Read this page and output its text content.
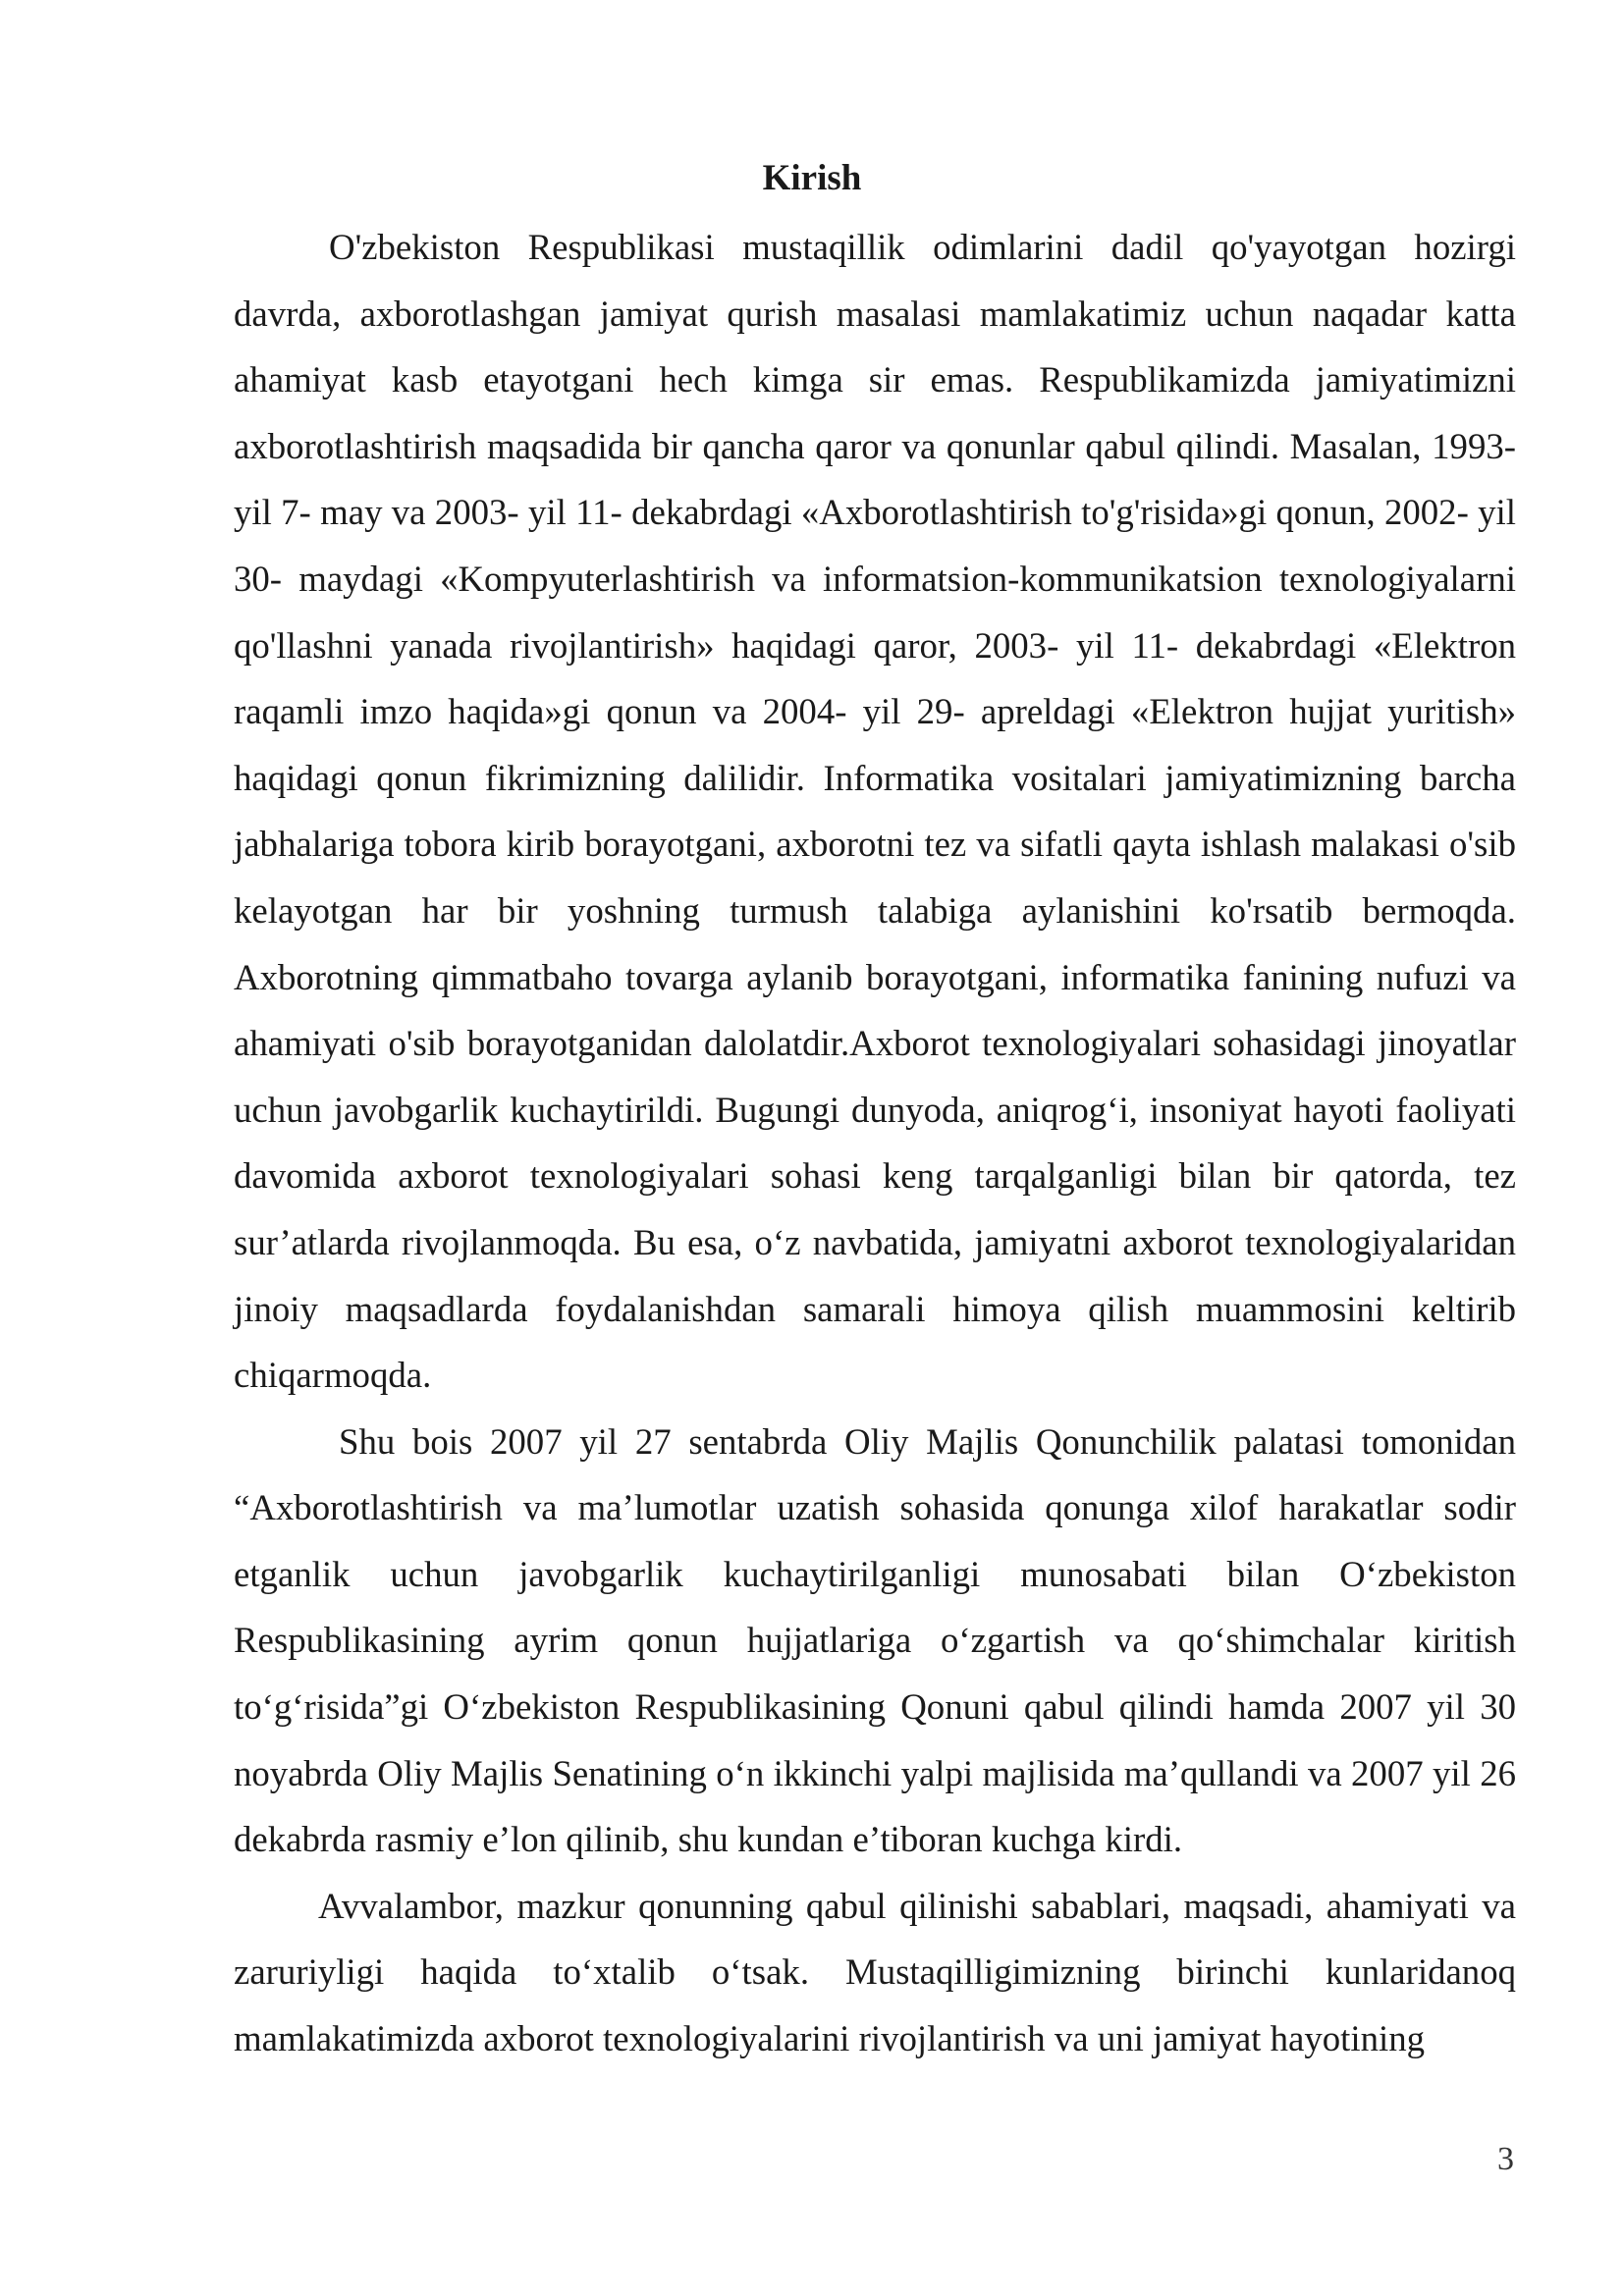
Kirish

O'zbekiston Respublikasi mustaqillik odimlarini dadil qo'yayotgan hozirgi davrda, axborotlashgan jamiyat qurish masalasi mamlakatimiz uchun naqadar katta ahamiyat kasb etayotgani hech kimga sir emas. Respublikamizda jamiyatimizni axborotlashtirish maqsadida bir qancha qaror va qonunlar qabul qilindi. Masalan, 1993- yil 7- may va 2003- yil 11- dekabrdagi «Axborotlashtirish to'g'risida»gi qonun, 2002- yil 30- maydagi «Kompyuterlashtirish va informatsion-kommunikatsion texnologiyalarni qo'llashni yanada rivojlantirish» haqidagi qaror, 2003- yil 11- dekabrdagi «Elektron raqamli imzo haqida»gi qonun va 2004- yil 29- apreldagi «Elektron hujjat yuritish» haqidagi qonun fikrimizning dalilidir. Informatika vositalari jamiyatimizning barcha jabhalariga tobora kirib borayotgani, axborotni tez va sifatli qayta ishlash malakasi o'sib kelayotgan har bir yoshning turmush talabiga aylanishini ko'rsatib bermoqda. Axborotning qimmatbaho tovarga aylanib borayotgani, informatika fanining nufuzi va ahamiyati o'sib borayotganidan dalolatdir.Axborot texnologiyalari sohasidagi jinoyatlar uchun javobgarlik kuchaytirildi. Bugungi dunyoda, aniqrog‘i, insoniyat hayoti faoliyati davomida axborot texnologiyalari sohasi keng tarqalganligi bilan bir qatorda, tez sur’atlarda rivojlanmoqda. Bu esa, o‘z navbatida, jamiyatni axborot texnologiyalaridan jinoiy maqsadlarda foydalanishdan samarali himoya qilish muammosini keltirib chiqarmoqda.

Shu bois 2007 yil 27 sentabrda Oliy Majlis Qonunchilik palatasi tomonidan “Axborotlashtirish va ma’lumotlar uzatish sohasida qonunga xilof harakatlar sodir etganlik uchun javobgarlik kuchaytirilganligi munosabati bilan O‘zbekiston Respublikasining ayrim qonun hujjatlariga o‘zgartish va qo‘shimchalar kiritish to‘g‘risida”gi O‘zbekiston Respublikasining Qonuni qabul qilindi hamda 2007 yil 30 noyabrda Oliy Majlis Senatining o‘n ikkinchi yalpi majlisida ma’qullandi va 2007 yil 26 dekabrda rasmiy e’lon qilinib, shu kundan e’tiboran kuchga kirdi.

Avvalambor, mazkur qonunning qabul qilinishi sabablari, maqsadi, ahamiyati va zaruriyligi haqida to‘xtalib o‘tsak. Mustaqilligimizning birinchi kunlaridanoq mamlakatimizda axborot texnologiyalarini rivojlantirish va uni jamiyat hayotining

3
